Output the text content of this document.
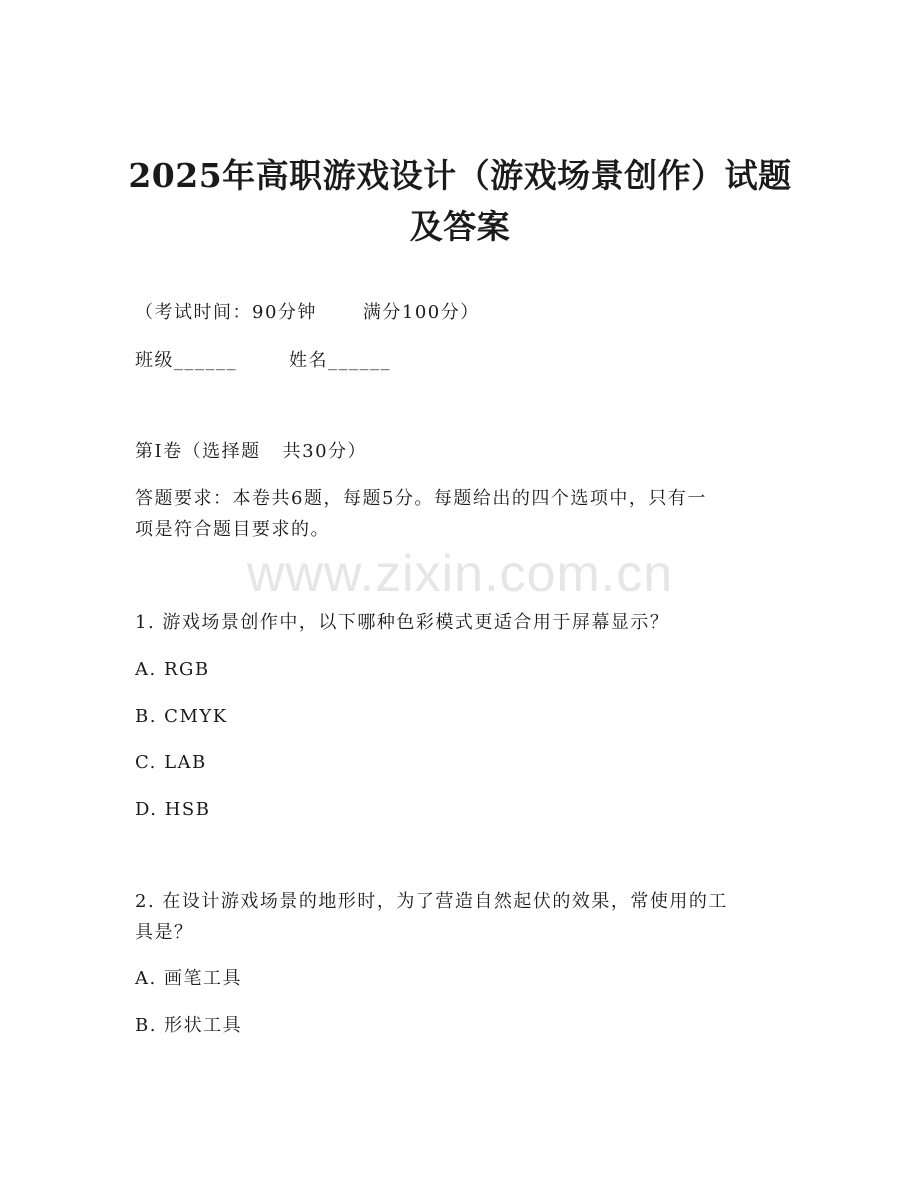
2025年高职游戏设计（游戏场景创作）试题
及答案
（考试时间：90分钟	满分100分）
班级______	姓名______
第Ⅰ卷（选择题 共30分）
答题要求：本卷共6题，每题5分。每题给出的四个选项中，只有一
项是符合题目要求的。
www.zixin.com.cn
1. 游戏场景创作中，以下哪种色彩模式更适合用于屏幕显示？
A. RGB
B. CMYK
C. LAB
D. HSB
2. 在设计游戏场景的地形时，为了营造自然起伏的效果，常使用的工
具是？
A. 画笔工具
B. 形状工具
